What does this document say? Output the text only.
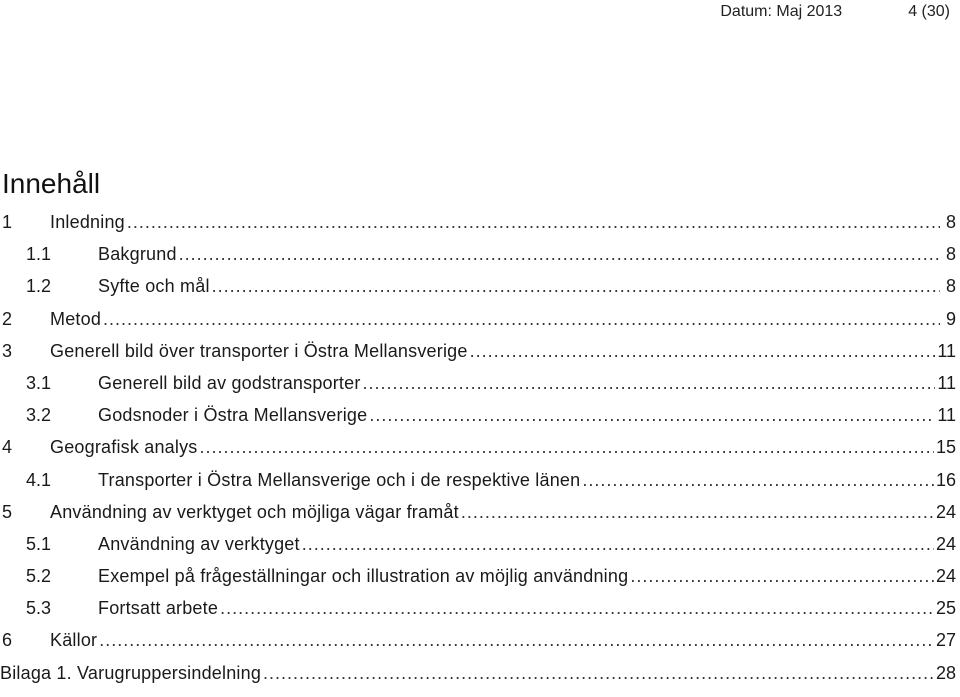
Datum: Maj 2013	4 (30)
Innehåll
1	Inledning .....	8
1.1	Bakgrund .....	8
1.2	Syfte och mål .....	8
2	Metod .....	9
3	Generell bild över transporter i Östra Mellansverige .....	11
3.1	Generell bild av godstransporter .....	11
3.2	Godsnoder i Östra Mellansverige .....	11
4	Geografisk analys .....	15
4.1	Transporter i Östra Mellansverige och i de respektive länen .....	16
5	Användning av verktyget och möjliga vägar framåt .....	24
5.1	Användning av verktyget .....	24
5.2	Exempel på frågeställningar och illustration av möjlig användning .....	24
5.3	Fortsatt arbete .....	25
6	Källor .....	27
Bilaga 1. Varugruppersindelning .....	28
